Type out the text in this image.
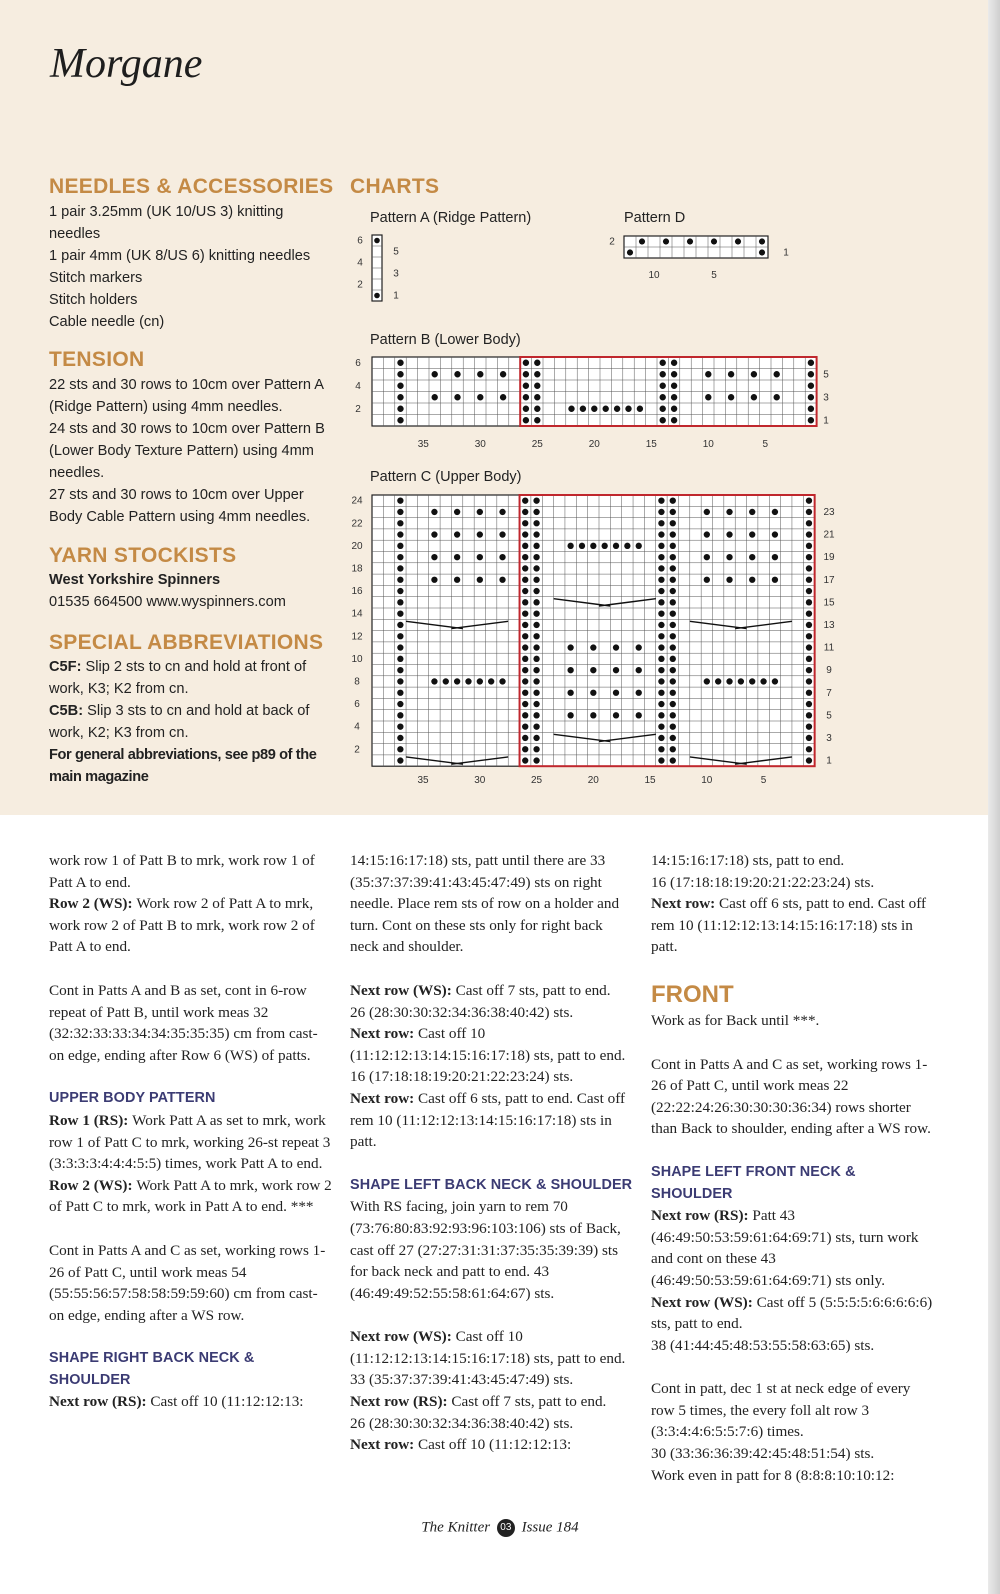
Morgane
NEEDLES & ACCESSORIES

1 pair 3.25mm (UK 10/US 3) knitting needles

1 pair 4mm (UK 8/US 6) knitting needles

Stitch markers

Stitch holders

Cable needle (cn)

TENSION

22 sts and 30 rows to 10cm over Pattern A (Ridge Pattern) using 4mm needles.

24 sts and 30 rows to 10cm over Pattern B (Lower Body Texture Pattern) using 4mm needles.

27 sts and 30 rows to 10cm over Upper Body Cable Pattern using 4mm needles.

YARN STOCKISTS

West Yorkshire Spinners

01535 664500 www.wyspinners.com

SPECIAL ABBREVIATIONS

C5F: Slip 2 sts to cn and hold at front of work, K3; K2 from cn.

C5B: Slip 3 sts to cn and hold at back of work, K2; K3 from cn.

For general abbreviations, see p89 of the main magazine

CHARTS
Pattern A (Ridge Pattern)	Pattern D
Pattern B (Lower Body)
Pattern C (Upper Body)
6
4
2
5
3
1
2
1
10	5
6
4
2
5
3
1
35	30	25	20	15	10	5
24
22
20
18
16
14
12
10
8
6
4
2
23
21
19
17
15
13
11
9
7
5
3
1
35	30	25	20	15	10	5

work row 1 of Patt B to mrk, work row 1 of Patt A to end.

Row 2 (WS): Work row 2 of Patt A to mrk, work row 2 of Patt B to mrk, work row 2 of Patt A to end.

Cont in Patts A and B as set, cont in 6-row repeat of Patt B, until work meas 32 (32:32:33:33:34:34:35:35:35) cm from cast-on edge, ending after Row 6 (WS) of patts.

UPPER BODY PATTERN

Row 1 (RS): Work Patt A as set to mrk, work row 1 of Patt C to mrk, working 26-st repeat 3 (3:3:3:3:4:4:4:5:5) times, work Patt A to end.

Row 2 (WS): Work Patt A to mrk, work row 2 of Patt C to mrk, work in Patt A to end. ***

Cont in Patts A and C as set, working rows 1-26 of Patt C, until work meas 54 (55:55:56:57:58:58:59:59:60) cm from cast-on edge, ending after a WS row.

SHAPE RIGHT BACK NECK & SHOULDER

Next row (RS): Cast off 10 (11:12:12:13:

14:15:16:17:18) sts, patt until there are 33 (35:37:37:39:41:43:45:47:49) sts on right needle. Place rem sts of row on a holder and turn. Cont on these sts only for right back neck and shoulder.

Next row (WS): Cast off 7 sts, patt to end.

26 (28:30:30:32:34:36:38:40:42) sts.

Next row: Cast off 10 (11:12:12:13:14:15:16:17:18) sts, patt to end.

16 (17:18:18:19:20:21:22:23:24) sts.

Next row: Cast off 6 sts, patt to end. Cast off rem 10 (11:12:12:13:14:15:16:17:18) sts in patt.

SHAPE LEFT BACK NECK & SHOULDER

With RS facing, join yarn to rem 70 (73:76:80:83:92:93:96:103:106) sts of Back, cast off 27 (27:27:31:31:37:35:35:39:39) sts for back neck and patt to end. 43 (46:49:49:52:55:58:61:64:67) sts.

Next row (WS): Cast off 10 (11:12:12:13:14:15:16:17:18) sts, patt to end.

33 (35:37:37:39:41:43:45:47:49) sts.

Next row (RS): Cast off 7 sts, patt to end.

26 (28:30:30:32:34:36:38:40:42) sts.

Next row: Cast off 10 (11:12:12:13:

14:15:16:17:18) sts, patt to end.

16 (17:18:18:19:20:21:22:23:24) sts.

Next row: Cast off 6 sts, patt to end. Cast off rem 10 (11:12:12:13:14:15:16:17:18) sts in patt.

FRONT

Work as for Back until ***.

Cont in Patts A and C as set, working rows 1-26 of Patt C, until work meas 22 (22:22:24:26:30:30:30:36:34) rows shorter than Back to shoulder, ending after a WS row.

SHAPE LEFT FRONT NECK & SHOULDER

Next row (RS): Patt 43 (46:49:50:53:59:61:64:69:71) sts, turn work and cont on these 43 (46:49:50:53:59:61:64:69:71) sts only.

Next row (WS): Cast off 5 (5:5:5:5:6:6:6:6:6) sts, patt to end.

38 (41:44:45:48:53:55:58:63:65) sts.

Cont in patt, dec 1 st at neck edge of every row 5 times, the every foll alt row 3 (3:3:4:4:6:5:5:7:6) times.

30 (33:36:36:39:42:45:48:51:54) sts.

Work even in patt for 8 (8:8:8:10:10:12:

The Knitter 03 Issue 184
